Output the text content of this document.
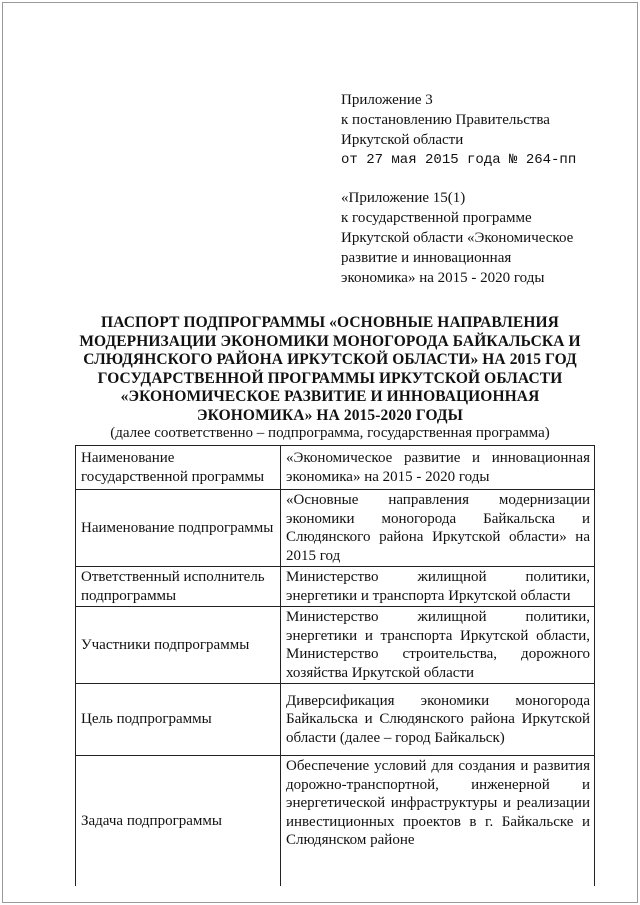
Приложение 3
к постановлению Правительства
Иркутской области
от 27 мая 2015 года № 264-пп
«Приложение 15(1)
к государственной программе
Иркутской области «Экономическое
развитие и инновационная
экономика» на 2015 - 2020 годы
ПАСПОРТ ПОДПРОГРАММЫ «ОСНОВНЫЕ НАПРАВЛЕНИЯ
МОДЕРНИЗАЦИИ ЭКОНОМИКИ МОНОГОРОДА БАЙКАЛЬСКА И
СЛЮДЯНСКОГО РАЙОНА ИРКУТСКОЙ ОБЛАСТИ» НА 2015 ГОД
ГОСУДАРСТВЕННОЙ ПРОГРАММЫ ИРКУТСКОЙ ОБЛАСТИ
«ЭКОНОМИЧЕСКОЕ РАЗВИТИЕ И ИННОВАЦИОННАЯ
ЭКОНОМИКА» НА 2015-2020 ГОДЫ
(далее соответственно – подпрограмма, государственная программа)
Наименование государственной программы	«Экономическое развитие и инновационная экономика» на 2015 - 2020 годы
Наименование подпрограммы	«Основные направления модернизации экономики моногорода Байкальска и Слюдянского района Иркутской области» на 2015 год
Ответственный исполнитель подпрограммы	Министерство жилищной политики, энергетики и транспорта Иркутской области
Участники подпрограммы	Министерство жилищной политики, энергетики и транспорта Иркутской области, Министерство строительства, дорожного хозяйства Иркутской области
Цель подпрограммы	Диверсификация экономики моногорода Байкальска и Слюдянского района Иркутской области (далее – город Байкальск)
Задача подпрограммы	Обеспечение условий для создания и развития дорожно-транспортной, инженерной и энергетической инфраструктуры и реализации инвестиционных проектов в г. Байкальске и Слюдянском районе
